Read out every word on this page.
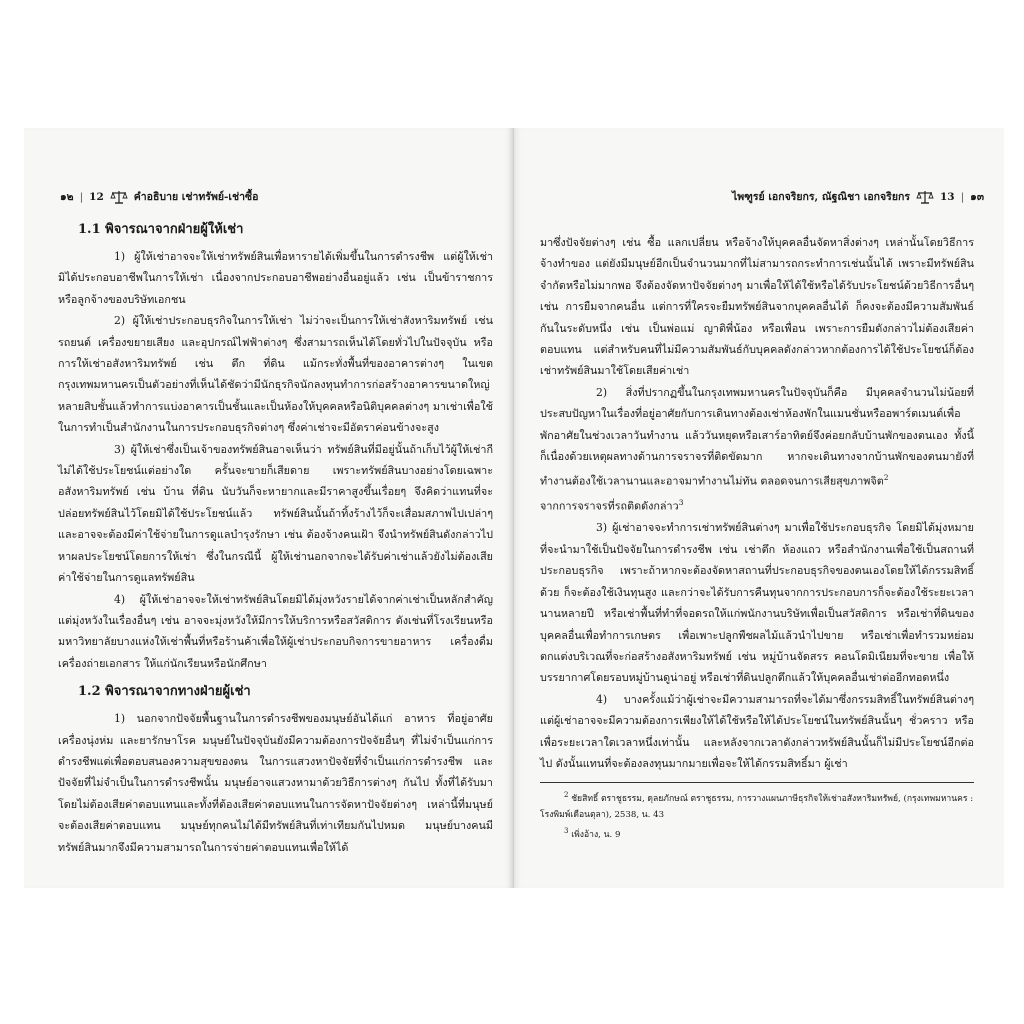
๑๒ | 12	คำอธิบาย เช่าทรัพย์-เช่าซื้อ
1.1 พิจารณาจากฝ่ายผู้ให้เช่า

1) ผู้ให้เช่าอาจจะให้เช่าทรัพย์สินเพื่อหารายได้เพิ่มขึ้นในการดำรงชีพ แต่ผู้ให้เช่ามิได้ประกอบอาชีพในการให้เช่า เนื่องจากประกอบอาชีพอย่างอื่นอยู่แล้ว เช่น เป็นข้าราชการ หรือลูกจ้างของบริษัทเอกชน

2) ผู้ให้เช่าประกอบธุรกิจในการให้เช่า ไม่ว่าจะเป็นการให้เช่าสังหาริมทรัพย์ เช่น รถยนต์ เครื่องขยายเสียง และอุปกรณ์ไฟฟ้าต่างๆ ซึ่งสามารถเห็นได้โดยทั่วไปในปัจจุบัน หรือการให้เช่าอสังหาริมทรัพย์ เช่น ตึก ที่ดิน แม้กระทั่งพื้นที่ของอาคารต่างๆ ในเขตกรุงเทพมหานครเป็นตัวอย่างที่เห็นได้ชัดว่ามีนักธุรกิจนักลงทุนทำการก่อสร้างอาคารขนาดใหญ่หลายสิบชั้นแล้วทำการแบ่งอาคารเป็นชั้นและเป็นห้องให้บุคคลหรือนิติบุคคลต่างๆ มาเช่าเพื่อใช้ในการทำเป็นสำนักงานในการประกอบธุรกิจต่างๆ ซึ่งค่าเช่าจะมีอัตราค่อนข้างจะสูง

3) ผู้ให้เช่าซึ่งเป็นเจ้าของทรัพย์สินอาจเห็นว่า ทรัพย์สินที่มีอยู่นั้นถ้าเก็บไว้ผู้ให้เช่ากีไม่ได้ใช้ประโยชน์แต่อย่างใด ครั้นจะขายก็เสียดาย เพราะทรัพย์สินบางอย่างโดยเฉพาะอสังหาริมทรัพย์ เช่น บ้าน ที่ดิน นับวันก็จะหายากและมีราคาสูงขึ้นเรื่อยๆ จึงคิดว่าแทนที่จะปล่อยทรัพย์สินไว้โดยมิได้ใช้ประโยชน์แล้ว ทรัพย์สินนั้นถ้าทิ้งร้างไว้ก็จะเสื่อมสภาพไปเปล่าๆ และอาจจะต้องมีค่าใช้จ่ายในการดูแลบำรุงรักษา เช่น ต้องจ้างคนเฝ้า จึงนำทรัพย์สินดังกล่าวไปหาผลประโยชน์โดยการให้เช่า ซึ่งในกรณีนี้ ผู้ให้เช่านอกจากจะได้รับค่าเช่าแล้วยังไม่ต้องเสียค่าใช้จ่ายในการดูแลทรัพย์สิน

4) ผู้ให้เช่าอาจจะให้เช่าทรัพย์สินโดยมิได้มุ่งหวังรายได้จากค่าเช่าเป็นหลักสำคัญแต่มุ่งหวังในเรื่องอื่นๆ เช่น อาจจะมุ่งหวังให้มีการให้บริการหรือสวัสดิการ ดังเช่นที่โรงเรียนหรือมหาวิทยาลัยบางแห่งให้เช่าพื้นที่หรือร้านค้าเพื่อให้ผู้เช่าประกอบกิจการขายอาหาร เครื่องดื่ม เครื่องถ่ายเอกสาร ให้แก่นักเรียนหรือนักศึกษา

1.2 พิจารณาจากทางฝ่ายผู้เช่า

1) นอกจากปัจจัยพื้นฐานในการดำรงชีพของมนุษย์อันได้แก่ อาหาร ที่อยู่อาศัย เครื่องนุ่งห่ม และยารักษาโรค มนุษย์ในปัจจุบันยังมีความต้องการปัจจัยอื่นๆ ที่ไม่จำเป็นแก่การดำรงชีพแต่เพื่อตอบสนองความสุขของตน ในการแสวงหาปัจจัยที่จำเป็นแก่การดำรงชีพ และปัจจัยที่ไม่จำเป็นในการดำรงชีพนั้น มนุษย์อาจแสวงหามาด้วยวิธีการต่างๆ กันไป ทั้งที่ได้รับมาโดยไม่ต้องเสียค่าตอบแทนและทั้งที่ต้องเสียค่าตอบแทนในการจัดหาปัจจัยต่างๆ เหล่านี้ที่มนุษย์จะต้องเสียค่าตอบแทน มนุษย์ทุกคนไม่ได้มีทรัพย์สินที่เท่าเทียมกันไปหมด มนุษย์บางคนมีทรัพย์สินมากจึงมีความสามารถในการจ่ายค่าตอบแทนเพื่อให้ได้

ไพฑูรย์ เอกจริยกร, ณัฐณิชา เอกจริยกร	13 | ๑๓

มาซึ่งปัจจัยต่างๆ เช่น ซื้อ แลกเปลี่ยน หรือจ้างให้บุคคลอื่นจัดหาสิ่งต่างๆ เหล่านั้นโดยวิธีการจ้างทำของ แต่ยังมีมนุษย์อีกเป็นจำนวนมากที่ไม่สามารถกระทำการเช่นนั้นได้ เพราะมีทรัพย์สินจำกัดหรือไม่มากพอ จึงต้องจัดหาปัจจัยต่างๆ มาเพื่อให้ได้ใช้หรือได้รับประโยชน์ด้วยวิธีการอื่นๆ เช่น การยืมจากคนอื่น แต่การที่ใครจะยืมทรัพย์สินจากบุคคลอื่นได้ ก็คงจะต้องมีความสัมพันธ์กันในระดับหนึ่ง เช่น เป็นพ่อแม่ ญาติพี่น้อง หรือเพื่อน เพราะการยืมดังกล่าวไม่ต้องเสียค่าตอบแทน แต่สำหรับคนที่ไม่มีความสัมพันธ์กับบุคคลดังกล่าวหากต้องการได้ใช้ประโยชน์ก็ต้องเช่าทรัพย์สินมาใช้โดยเสียค่าเช่า

2) สิ่งที่ปรากฏขึ้นในกรุงเทพมหานครในปัจจุบันก็คือ มีบุคคลจำนวนไม่น้อยที่ประสบปัญหาในเรื่องที่อยู่อาศัยกับการเดินทางต้องเช่าห้องพักในแมนชั่นหรืออพาร์ตเมนต์เพื่อพักอาศัยในช่วงเวลาวันทำงาน แล้ววันหยุดหรือเสาร์อาทิตย์จึงค่อยกลับบ้านพักของตนเอง ทั้งนี้ก็เนื่องด้วยเหตุผลทางด้านการจราจรที่ติดขัดมาก หากจะเดินทางจากบ้านพักของตนมายังที่ทำงานต้องใช้เวลานานและอาจมาทำงานไม่ทัน ตลอดจนการเสียสุขภาพจิต$^2$

จากการจราจรที่รถติดดังกล่าว$^3$

3) ผู้เช่าอาจจะทำการเช่าทรัพย์สินต่างๆ มาเพื่อใช้ประกอบธุรกิจ โดยมิได้มุ่งหมายที่จะนำมาใช้เป็นปัจจัยในการดำรงชีพ เช่น เช่าตึก ห้องแถว หรือสำนักงานเพื่อใช้เป็นสถานที่ประกอบธุรกิจ เพราะถ้าหากจะต้องจัดหาสถานที่ประกอบธุรกิจของตนเองโดยให้ได้กรรมสิทธิ์ด้วย ก็จะต้องใช้เงินทุนสูง และกว่าจะได้รับการคืนทุนจากการประกอบการก็จะต้องใช้ระยะเวลานานหลายปี หรือเช่าพื้นที่ทำที่จอดรถให้แก่พนักงานบริษัทเพื่อเป็นสวัสดิการ หรือเช่าที่ดินของบุคคลอื่นเพื่อทำการเกษตร เพื่อเพาะปลูกพืชผลไม้แล้วนำไปขาย หรือเช่าเพื่อทำรวมหย่อมตกแต่งบริเวณที่จะก่อสร้างอสังหาริมทรัพย์ เช่น หมู่บ้านจัดสรร คอนโดมิเนียมที่จะขาย เพื่อให้บรรยากาศโดยรอบหมู่บ้านดูน่าอยู่ หรือเช่าที่ดินปลูกตึกแล้วให้บุคคลอื่นเช่าต่ออีกทอดหนึ่ง

4) บางครั้งแม้ว่าผู้เช่าจะมีความสามารถที่จะได้มาซึ่งกรรมสิทธิ์ในทรัพย์สินต่างๆ แต่ผู้เช่าอาจจะมีความต้องการเพียงให้ได้ใช้หรือให้ได้ประโยชน์ในทรัพย์สินนั้นๆ ชั่วคราว หรือเพื่อระยะเวลาใดเวลาหนึ่งเท่านั้น และหลังจากเวลาดังกล่าวทรัพย์สินนั้นก็ไม่มีประโยชน์อีกต่อไป ดังนั้นแทนที่จะต้องลงทุนมากมายเพื่อจะให้ได้กรรมสิทธิ์มา ผู้เช่า

$^2$ ชัยสิทธิ์ ตราชูธรรม, ดุลยภักษณ์ ตราชูธรรม, การวางแผนภาษีธุรกิจให้เช่าอสังหาริมทรัพย์, (กรุงเทพมหานคร : โรงพิมพ์เดือนตุลา), 2538, น. 43

$^3$ เพิ่งอ้าง, น. 9
